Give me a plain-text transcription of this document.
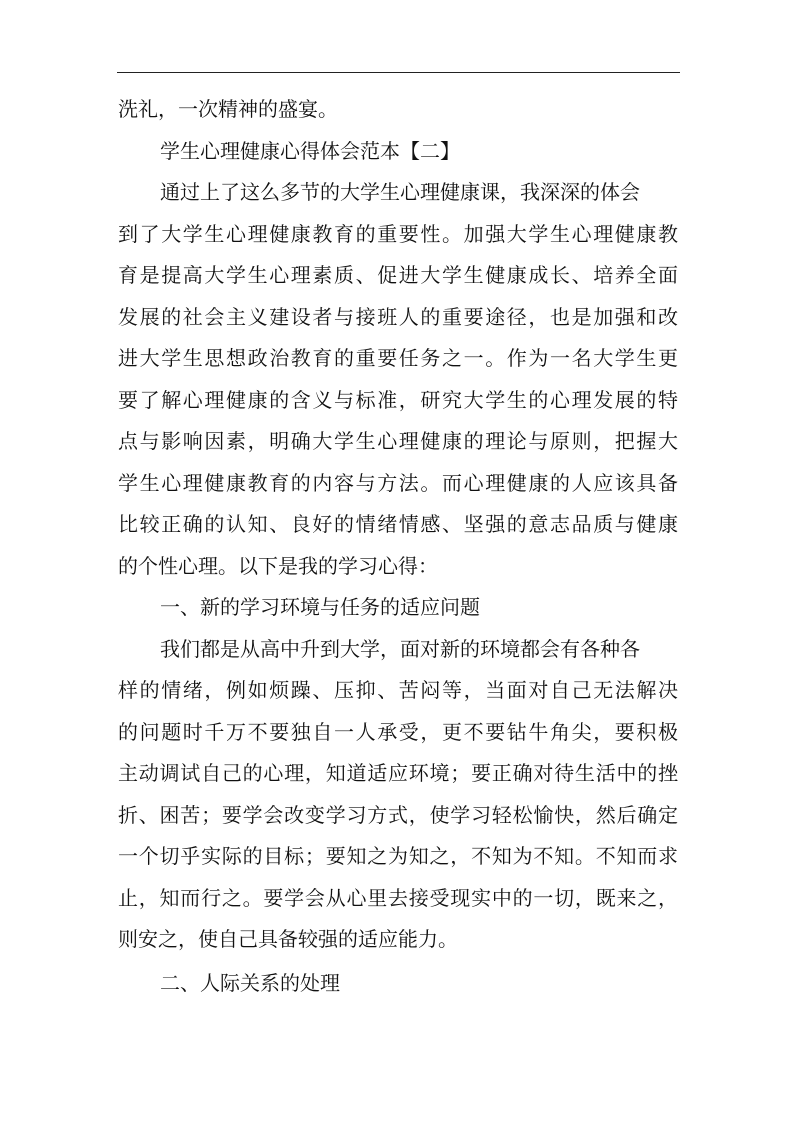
洗礼，一次精神的盛宴。
学生心理健康心得体会范本【二】
通过上了这么多节的大学生心理健康课，我深深的体会
到了大学生心理健康教育的重要性。加强大学生心理健康教
育是提高大学生心理素质、促进大学生健康成长、培养全面
发展的社会主义建设者与接班人的重要途径，也是加强和改
进大学生思想政治教育的重要任务之一。作为一名大学生更
要了解心理健康的含义与标准，研究大学生的心理发展的特
点与影响因素，明确大学生心理健康的理论与原则，把握大
学生心理健康教育的内容与方法。而心理健康的人应该具备
比较正确的认知、良好的情绪情感、坚强的意志品质与健康
的个性心理。以下是我的学习心得：
一、新的学习环境与任务的适应问题
我们都是从高中升到大学，面对新的环境都会有各种各
样的情绪，例如烦躁、压抑、苦闷等，当面对自己无法解决
的问题时千万不要独自一人承受，更不要钻牛角尖，要积极
主动调试自己的心理，知道适应环境；要正确对待生活中的挫
折、困苦；要学会改变学习方式，使学习轻松愉快，然后确定
一个切乎实际的目标；要知之为知之，不知为不知。不知而求
止，知而行之。要学会从心里去接受现实中的一切，既来之，
则安之，使自己具备较强的适应能力。
二、人际关系的处理
